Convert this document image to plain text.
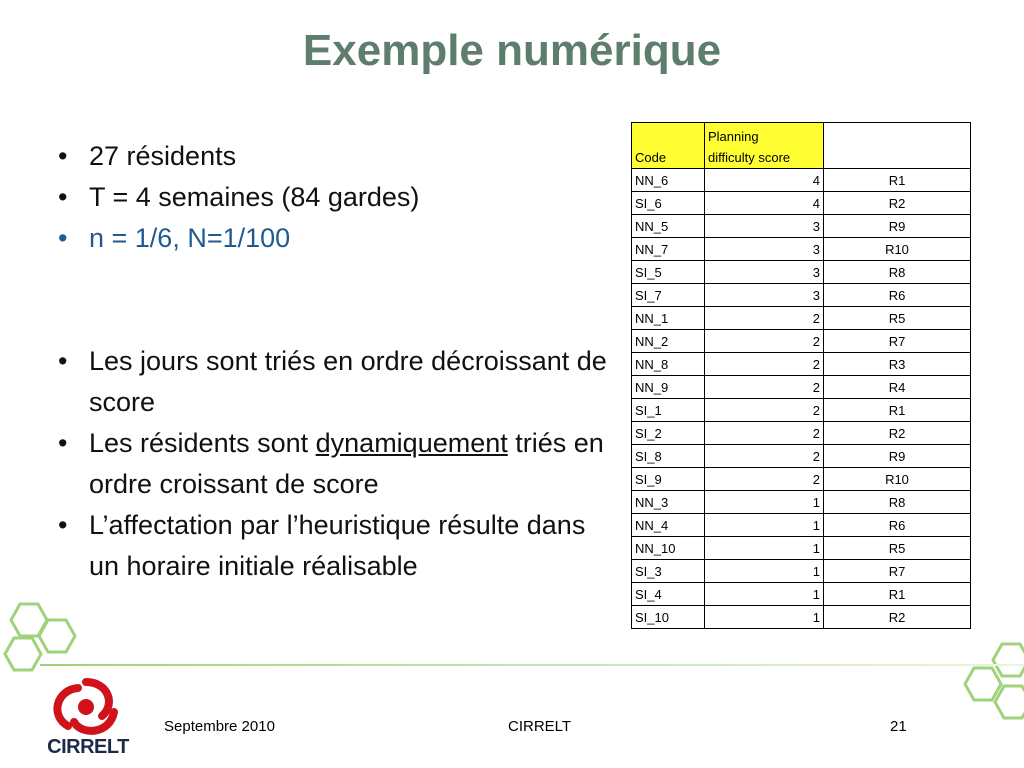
Exemple numérique
• 27 résidents
• T = 4 semaines (84 gardes)
• n = 1/6, N=1/100
• Les jours sont triés en ordre décroissant de score
• Les résidents sont dynamiquement triés en ordre croissant de score
• L’affectation par l’heuristique résulte dans un horaire initiale réalisable
Code	Planning
difficulty score	
NN_6	4	R1
SI_6	4	R2
NN_5	3	R9
NN_7	3	R10
SI_5	3	R8
SI_7	3	R6
NN_1	2	R5
NN_2	2	R7
NN_8	2	R3
NN_9	2	R4
SI_1	2	R1
SI_2	2	R2
SI_8	2	R9
SI_9	2	R10
NN_3	1	R8
NN_4	1	R6
NN_10	1	R5
SI_3	1	R7
SI_4	1	R1
SI_10	1	R2
CIRRELT
Septembre 2010	CIRRELT	21
